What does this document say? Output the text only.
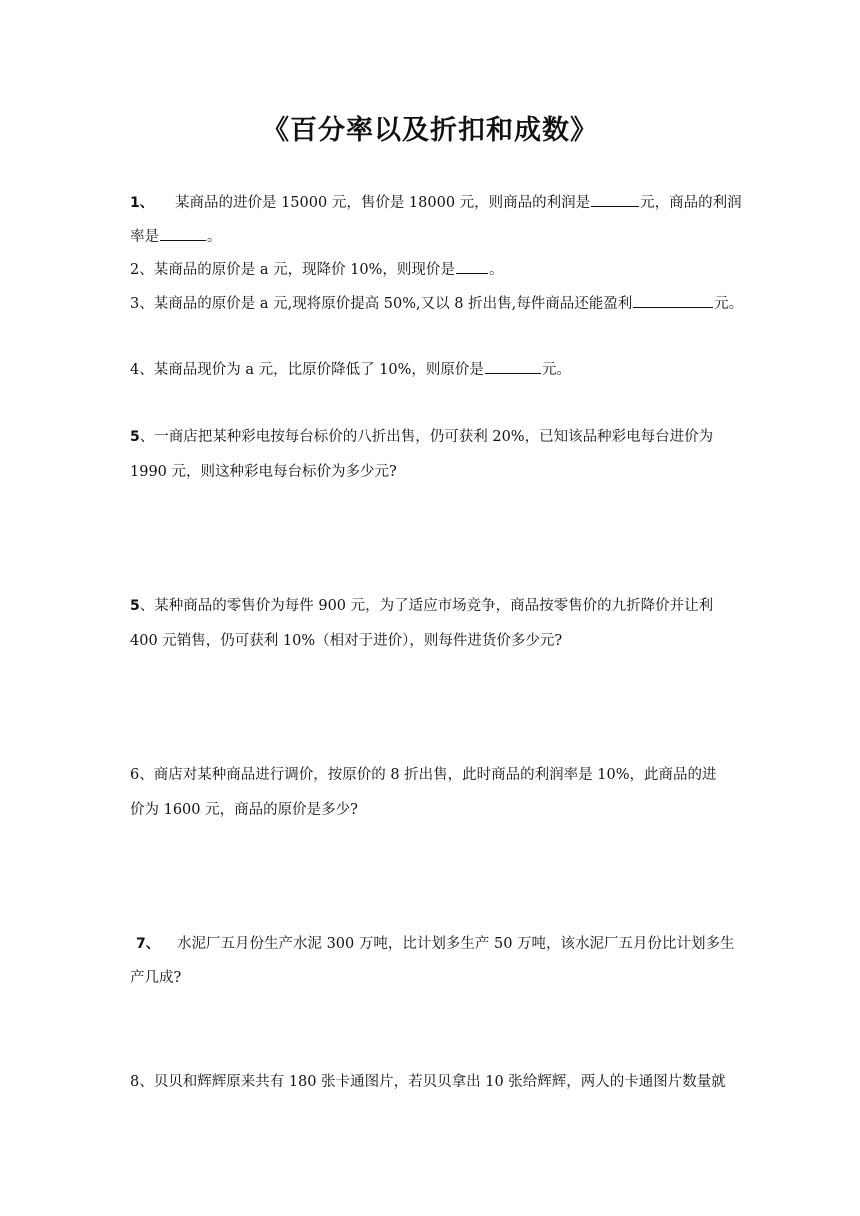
《百分率以及折扣和成数》
1、 某商品的进价是 15000 元，售价是 18000 元，则商品的利润是	元，商品的利润
率是	。
2、某商品的原价是 a 元，现降价 10%，则现价是 。
3、某商品的原价是 a 元,现将原价提高 50%,又以 8 折出售,每件商品还能盈利	元。
4、某商品现价为 a 元，比原价降低了 10%，则原价是	元。
5、一商店把某种彩电按每台标价的八折出售，仍可获利 20%，已知该品种彩电每台进价为
1990 元，则这种彩电每台标价为多少元?
5、某种商品的零售价为每件 900 元，为了适应市场竞争，商品按零售价的九折降价并让利
400 元销售，仍可获利 10%（相对于进价），则每件进货价多少元?
6、商店对某种商品进行调价，按原价的 8 折出售，此时商品的利润率是 10%，此商品的进
价为 1600 元，商品的原价是多少?
7、 水泥厂五月份生产水泥 300 万吨，比计划多生产 50 万吨，该水泥厂五月份比计划多生
产几成?
8、贝贝和辉辉原来共有 180 张卡通图片，若贝贝拿出 10 张给辉辉，两人的卡通图片数量就
